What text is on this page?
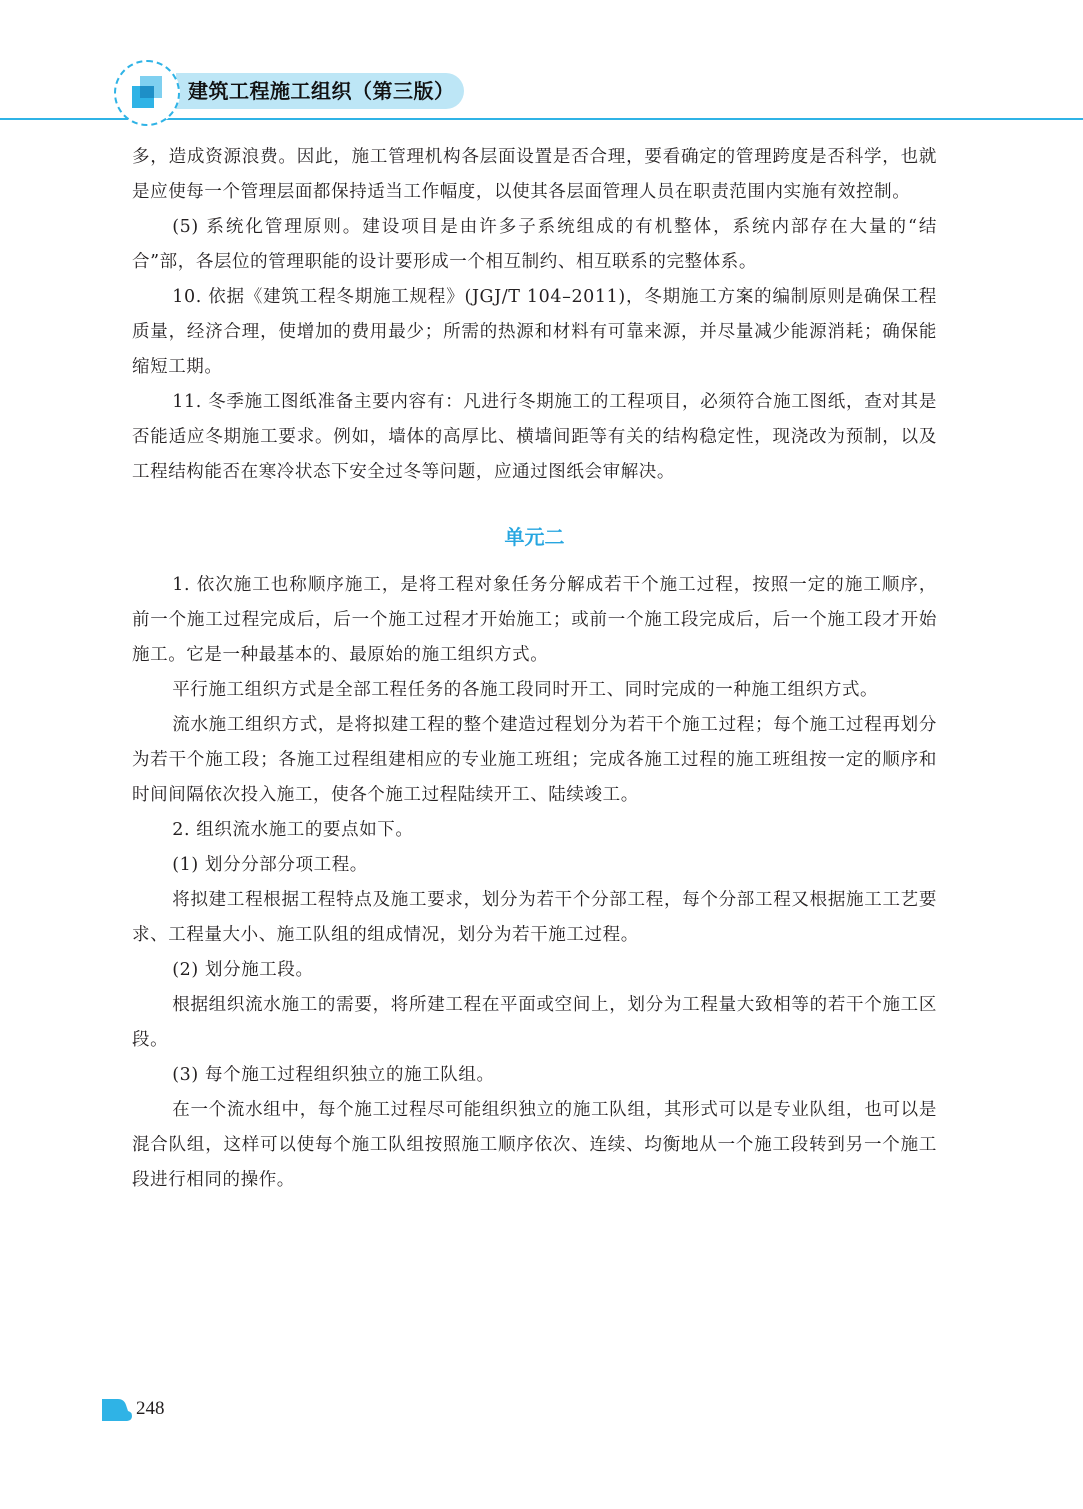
建筑工程施工组织（第三版）

多，造成资源浪费。因此，施工管理机构各层面设置是否合理，要看确定的管理跨度是否科学，也就是应使每一个管理层面都保持适当工作幅度，以使其各层面管理人员在职责范围内实施有效控制。

(5) 系统化管理原则。建设项目是由许多子系统组成的有机整体，系统内部存在大量的“结合”部，各层位的管理职能的设计要形成一个相互制约、相互联系的完整体系。

10. 依据《建筑工程冬期施工规程》(JGJ/T 104–2011)，冬期施工方案的编制原则是确保工程质量，经济合理，使增加的费用最少；所需的热源和材料有可靠来源，并尽量减少能源消耗；确保能缩短工期。

11. 冬季施工图纸准备主要内容有：凡进行冬期施工的工程项目，必须符合施工图纸，查对其是否能适应冬期施工要求。例如，墙体的高厚比、横墙间距等有关的结构稳定性，现浇改为预制，以及工程结构能否在寒冷状态下安全过冬等问题，应通过图纸会审解决。

单元二

1. 依次施工也称顺序施工，是将工程对象任务分解成若干个施工过程，按照一定的施工顺序，前一个施工过程完成后，后一个施工过程才开始施工；或前一个施工段完成后，后一个施工段才开始施工。它是一种最基本的、最原始的施工组织方式。

平行施工组织方式是全部工程任务的各施工段同时开工、同时完成的一种施工组织方式。

流水施工组织方式，是将拟建工程的整个建造过程划分为若干个施工过程；每个施工过程再划分为若干个施工段；各施工过程组建相应的专业施工班组；完成各施工过程的施工班组按一定的顺序和时间间隔依次投入施工，使各个施工过程陆续开工、陆续竣工。

2. 组织流水施工的要点如下。

(1) 划分分部分项工程。

将拟建工程根据工程特点及施工要求，划分为若干个分部工程，每个分部工程又根据施工工艺要求、工程量大小、施工队组的组成情况，划分为若干施工过程。

(2) 划分施工段。

根据组织流水施工的需要，将所建工程在平面或空间上，划分为工程量大致相等的若干个施工区段。

(3) 每个施工过程组织独立的施工队组。

在一个流水组中，每个施工过程尽可能组织独立的施工队组，其形式可以是专业队组，也可以是混合队组，这样可以使每个施工队组按照施工顺序依次、连续、均衡地从一个施工段转到另一个施工段进行相同的操作。

248
